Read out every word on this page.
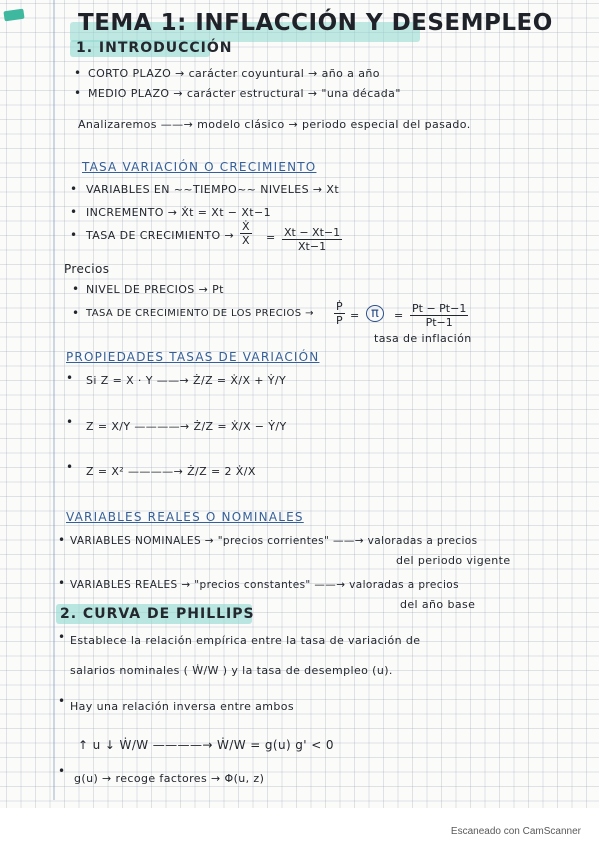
TEMA 1: INFLACCIÓN Y DESEMPLEO
1. INTRODUCCIÓN
• CORTO PLAZO → carácter coyuntural → año a año
• MEDIO PLAZO → carácter estructural → "una década"
Analizaremos ——→ modelo clásico → periodo especial del pasado.
TASA VARIACIÓN O CRECIMIENTO
• VARIABLES EN ~~TIEMPO~~ NIVELES → Xt
• INCREMENTO → Ẋt = Xt − Xt−1
• TASA DE CRECIMIENTO → $\frac{\text{Ẋ}}{X} = \frac{Xt - Xt-1}{Xt-1}$
Precios
• NIVEL DE PRECIOS → Pt
• TASA DE CRECIMIENTO DE LOS PRECIOS → $\frac{\text{Ṗ}}{P} = \pi$	= $\frac{Pt - Pt-1}{Pt-1}$
tasa de inflación
PROPIEDADES TASAS DE VARIACIÓN
• Si Z = X · Y ——→ Ż/Z = Ẋ/X + Ẏ/Y
• Z = X/Y ————→ Ż/Z = Ẋ/X − Ẏ/Y
• Z = X² ————→ Ż/Z = 2 Ẋ/X
VARIABLES REALES O NOMINALES
• VARIABLES NOMINALES → "precios corrientes" ——→ valoradas a precios
del periodo vigente
• VARIABLES REALES → "precios constantes" ——→ valoradas a precios
del año base
2. CURVA DE PHILLIPS
• Establece la relación empírica entre la tasa de variación de
salarios nominales ( Ẇ/W ) y la tasa de desempleo (u).
• Hay una relación inversa entre ambos
↑ u ↓ Ẇ/W ————→ Ẇ/W = g(u) g' < 0
•
g(u) → recoge factores → Φ(u, z)
Escaneado con CamScanner
